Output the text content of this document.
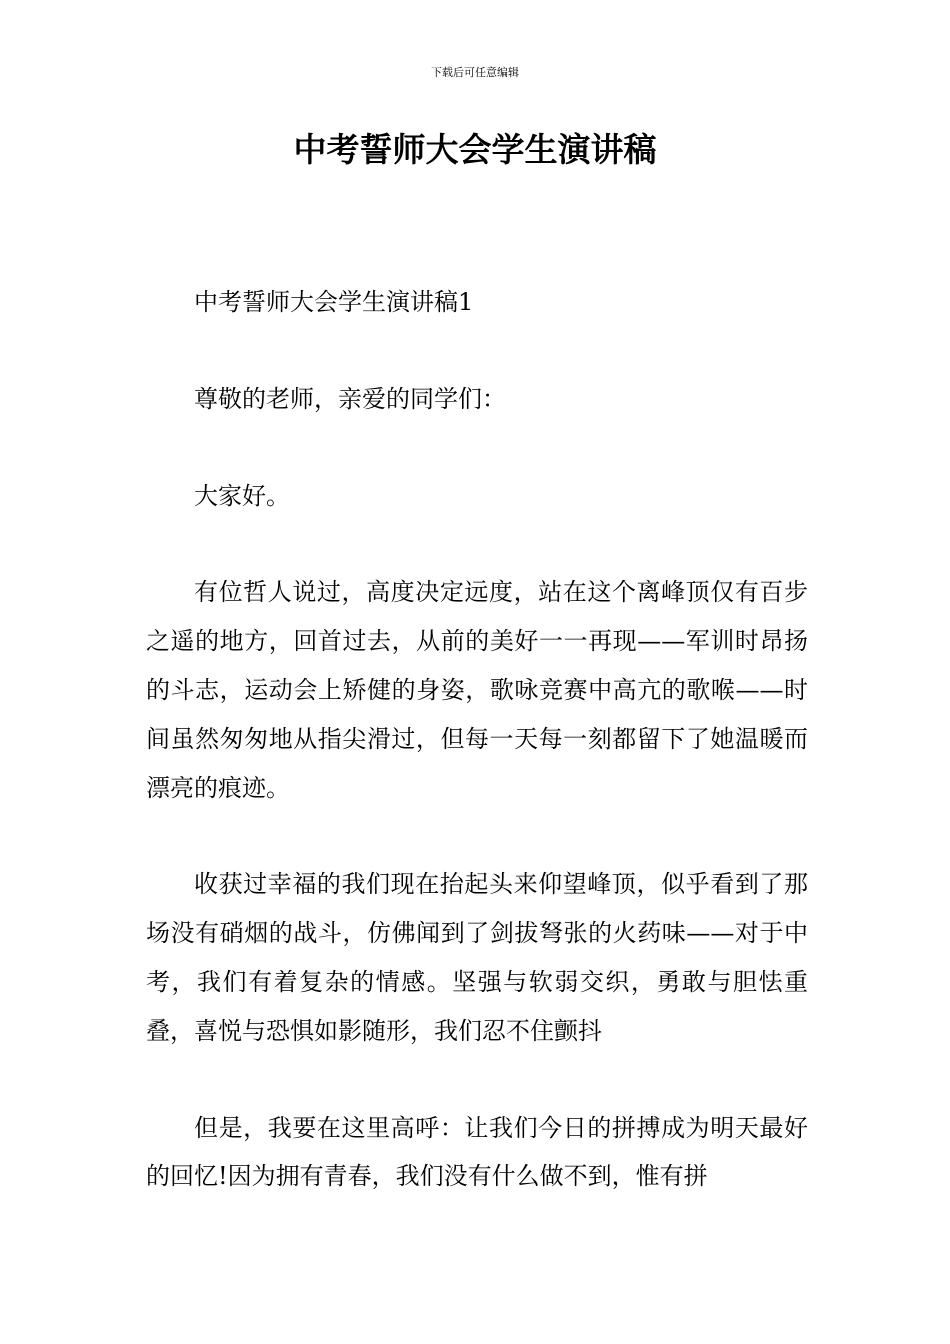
下载后可任意编辑
中考誓师大会学生演讲稿

中考誓师大会学生演讲稿1

尊敬的老师，亲爱的同学们：

大家好。

有位哲人说过，高度决定远度，站在这个离峰顶仅有百步之遥的地方，回首过去，从前的美好一一再现——军训时昂扬的斗志，运动会上矫健的身姿，歌咏竞赛中高亢的歌喉——时间虽然匆匆地从指尖滑过，但每一天每一刻都留下了她温暖而漂亮的痕迹。

收获过幸福的我们现在抬起头来仰望峰顶，似乎看到了那场没有硝烟的战斗，仿佛闻到了剑拔弩张的火药味——对于中考，我们有着复杂的情感。坚强与软弱交织，勇敢与胆怯重叠，喜悦与恐惧如影随形，我们忍不住颤抖

但是，我要在这里高呼：让我们今日的拼搏成为明天最好的回忆!因为拥有青春，我们没有什么做不到，惟有拼
